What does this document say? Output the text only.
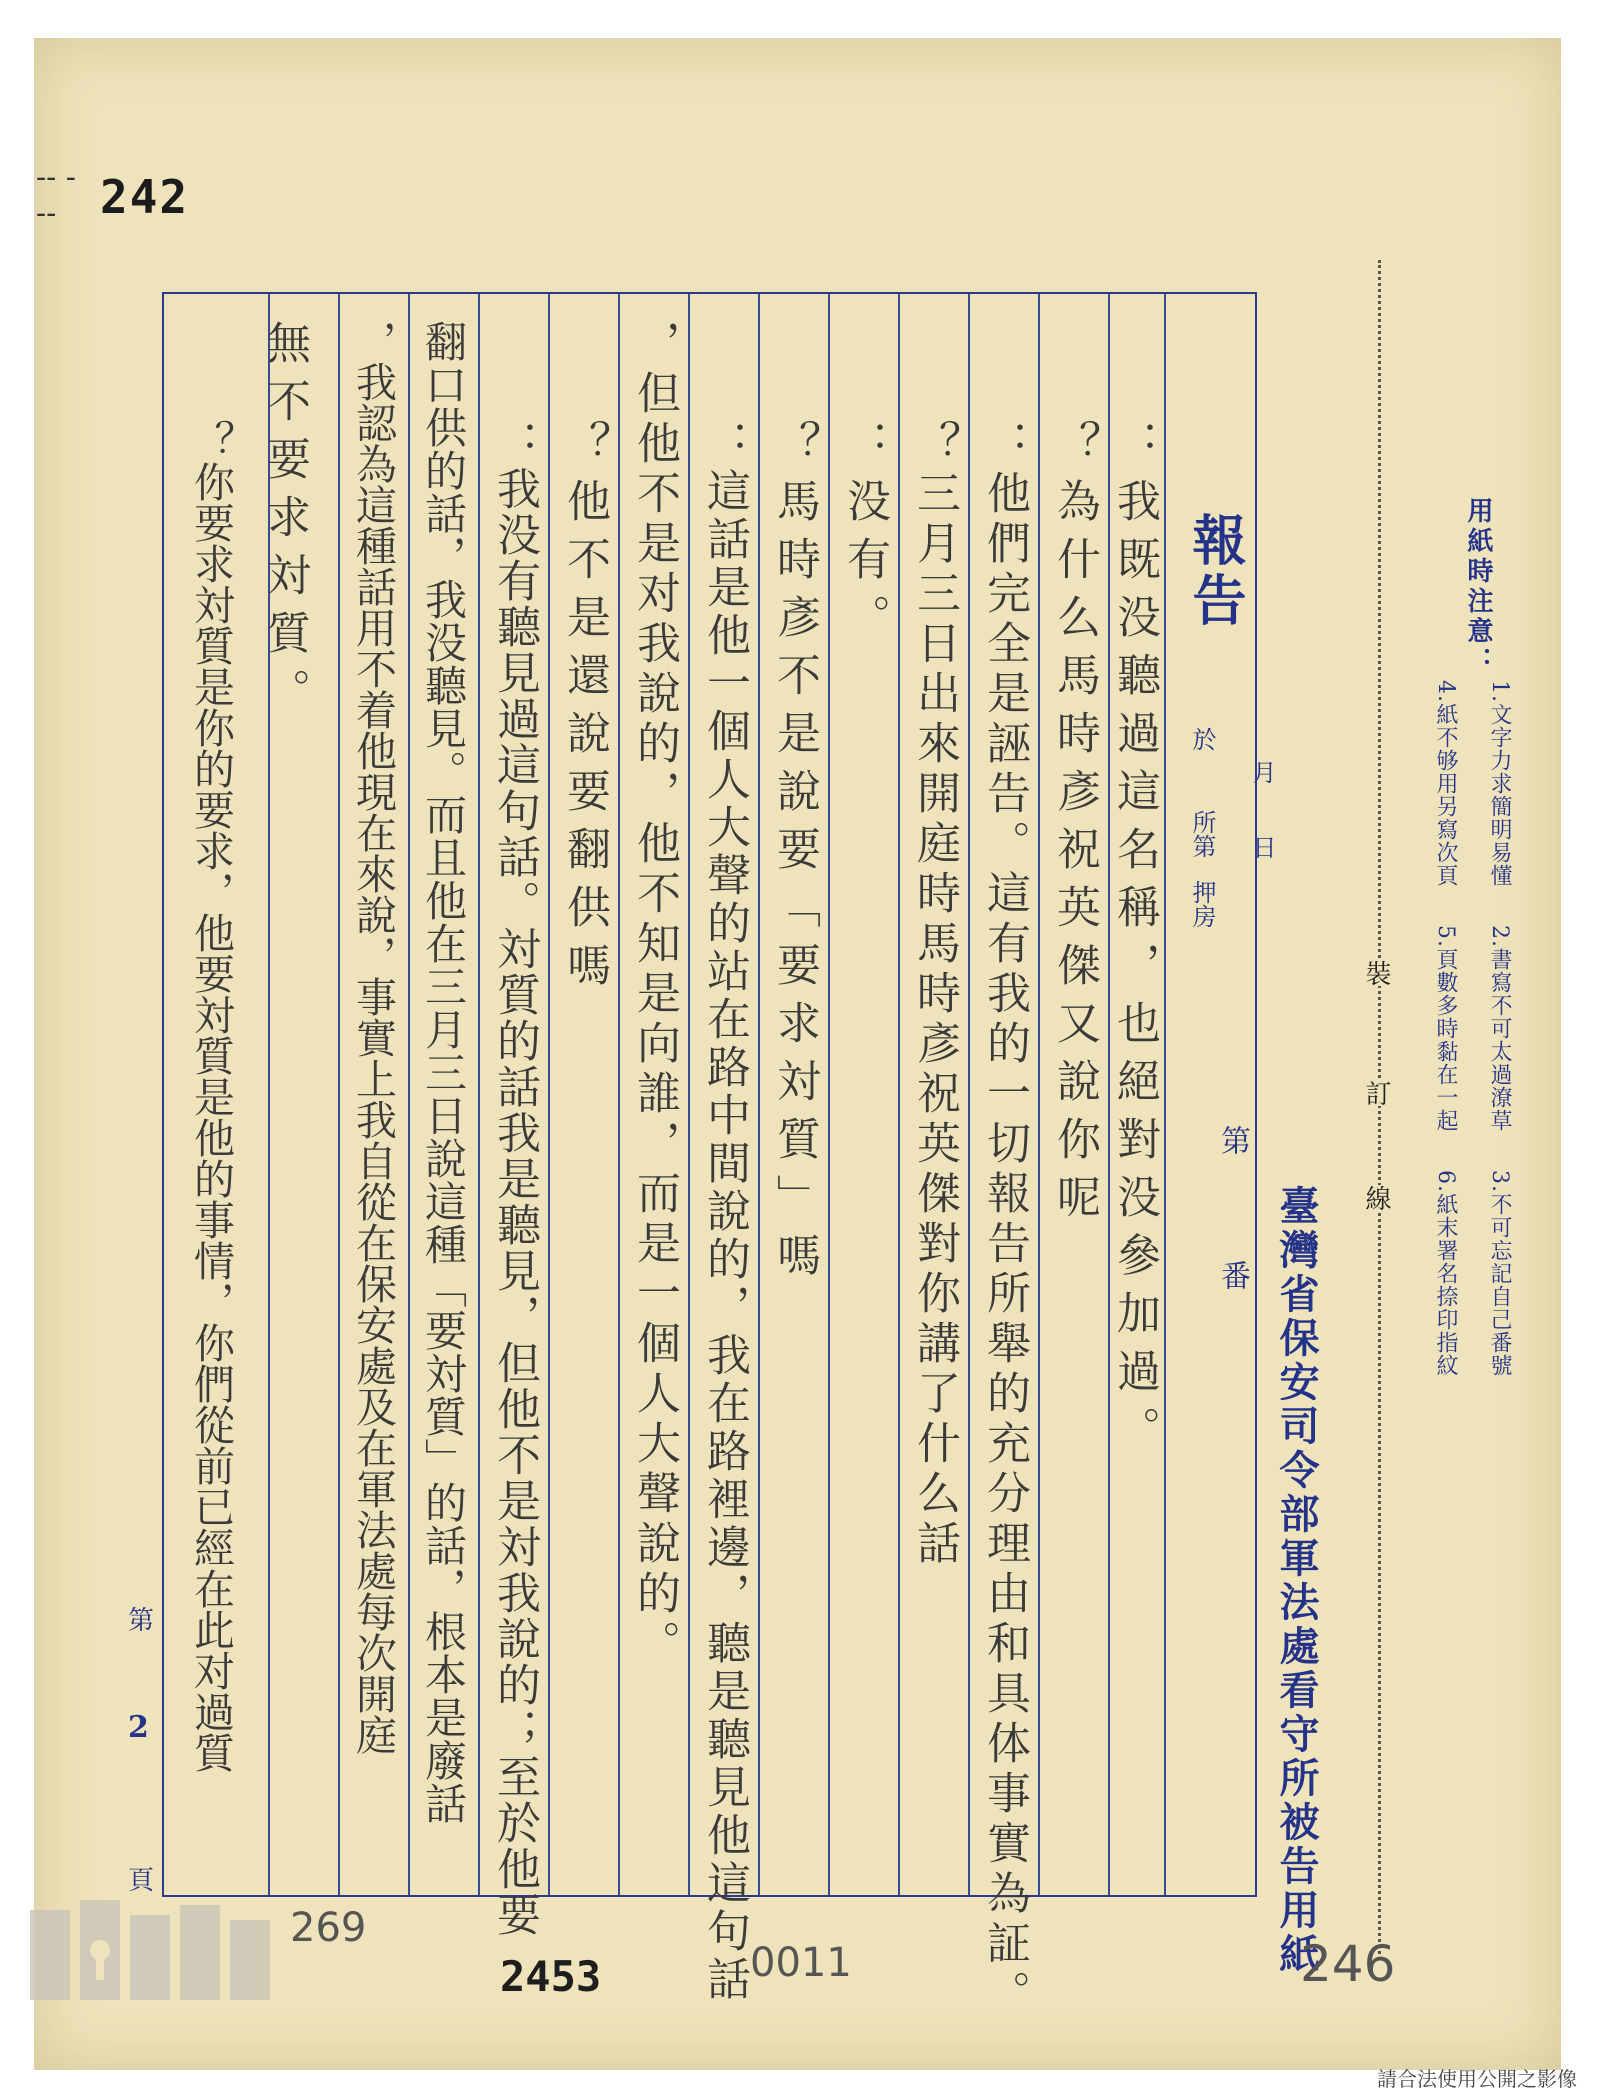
-- -
-- 242
報告
月
日
於
所第
押房
第
番
：我既没聽過這名稱，也絕對没參加過。
？為什么馬時彥祝英傑又說你呢
：他們完全是誣告。這有我的一切報告所舉的充分理由和具体事實為証。
？三月三日出來開庭時馬時彥祝英傑對你講了什么話
：没有。
？馬時彥不是說要「要求対質」嗎
：這話是他一個人大聲的站在路中間說的，我在路裡邊，聽是聽見他這句話
，但他不是对我說的，他不知是向誰，而是一個人大聲說的。
？他不是還說要翻供嗎
：我没有聽見過這句話。対質的話我是聽見，但他不是対我說的；至於他要
翻口供的話，我没聽見。而且他在三月三日說這種「要対質」的話，根本是廢話
，我認為這種話用不着他現在來說，事實上我自從在保安處及在軍法處每次開庭
無不要求対質。
？你要求対質是你的要求，他要対質是他的事情，你們從前已經在此对過質	臺灣省保安司令部軍法處看守所被告用紙
裝
訂
線
用紙時注意：
1.文字力求簡明易懂
2.書寫不可太過潦草
3.不可忘記自己番號
4.紙不够用另寫次頁
5.頁數多時黏在一起
6.紙末署名捺印指紋
第
2
頁
2453	0011
269
246
請合法使用公開之影像
